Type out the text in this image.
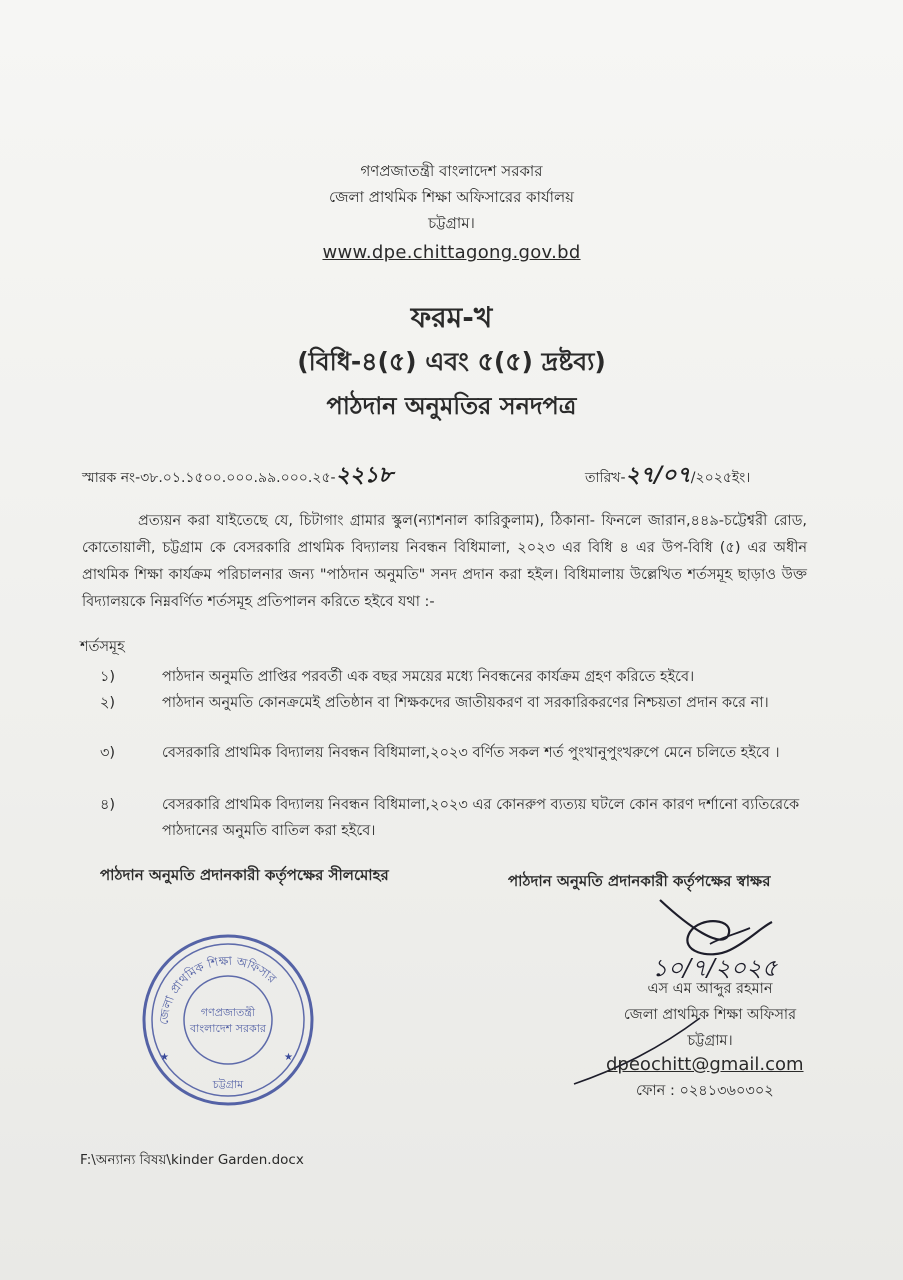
গণপ্রজাতন্ত্রী বাংলাদেশ সরকার
জেলা প্রাথমিক শিক্ষা অফিসারের কার্যালয়
চট্টগ্রাম।
www.dpe.chittagong.gov.bd
ফরম-খ
(বিধি-৪(৫) এবং ৫(৫) দ্রষ্টব্য)
পাঠদান অনুমতির সনদপত্র
স্মারক নং-৩৮.০১.১৫০০.০০০.৯৯.০০০.২৫-২২১৮	তারিখ-২৭/০৭/২০২৫ইং।
প্রত্যয়ন করা যাইতেছে যে, চিটাগাং গ্রামার স্কুল(ন্যাশনাল কারিকুলাম), ঠিকানা- ফিনলে জারান,৪৪৯-চট্টেশ্বরী রোড, কোতোয়ালী, চট্টগ্রাম কে বেসরকারি প্রাথমিক বিদ্যালয় নিবন্ধন বিধিমালা, ২০২৩ এর বিধি ৪ এর উপ-বিধি (৫) এর অধীন প্রাথমিক শিক্ষা কার্যক্রম পরিচালনার জন্য "পাঠদান অনুমতি" সনদ প্রদান করা হইল। বিধিমালায় উল্লেখিত শর্তসমূহ ছাড়াও উক্ত বিদ্যালয়কে নিম্নবর্ণিত শর্তসমূহ প্রতিপালন করিতে হইবে যথা :-
শর্তসমূহ
১)	পাঠদান অনুমতি প্রাপ্তির পরবর্তী এক বছর সময়ের মধ্যে নিবন্ধনের কার্যক্রম গ্রহণ করিতে হইবে।
২)	পাঠদান অনুমতি কোনক্রমেই প্রতিষ্ঠান বা শিক্ষকদের জাতীয়করণ বা সরকারিকরণের নিশ্চয়তা প্রদান করে না।
৩)	বেসরকারি প্রাথমিক বিদ্যালয় নিবন্ধন বিধিমালা,২০২৩ বর্ণিত সকল শর্ত পুংখানুপুংখরুপে মেনে চলিতে হইবে ।
৪)	বেসরকারি প্রাথমিক বিদ্যালয় নিবন্ধন বিধিমালা,২০২৩ এর কোনরুপ ব্যত্যয় ঘটলে কোন কারণ দর্শানো ব্যতিরেকে পাঠদানের অনুমতি বাতিল করা হইবে।
পাঠদান অনুমতি প্রদানকারী কর্তৃপক্ষের সীলমোহর	পাঠদান অনুমতি প্রদানকারী কর্তৃপক্ষের স্বাক্ষর
জেলা প্রাথমিক শিক্ষা অফিসার
গণপ্রজাতন্ত্রী
বাংলাদেশ সরকার
চট্টগ্রাম
★	★
১০/৭/২০২৫
এস এম আব্দুর রহমান
জেলা প্রাথমিক শিক্ষা অফিসার
চট্টগ্রাম।
dpeochitt@gmail.com
ফোন : ০২৪১৩৬০৩০২
F:\অন্যান্য বিষয়\kinder Garden.docx
